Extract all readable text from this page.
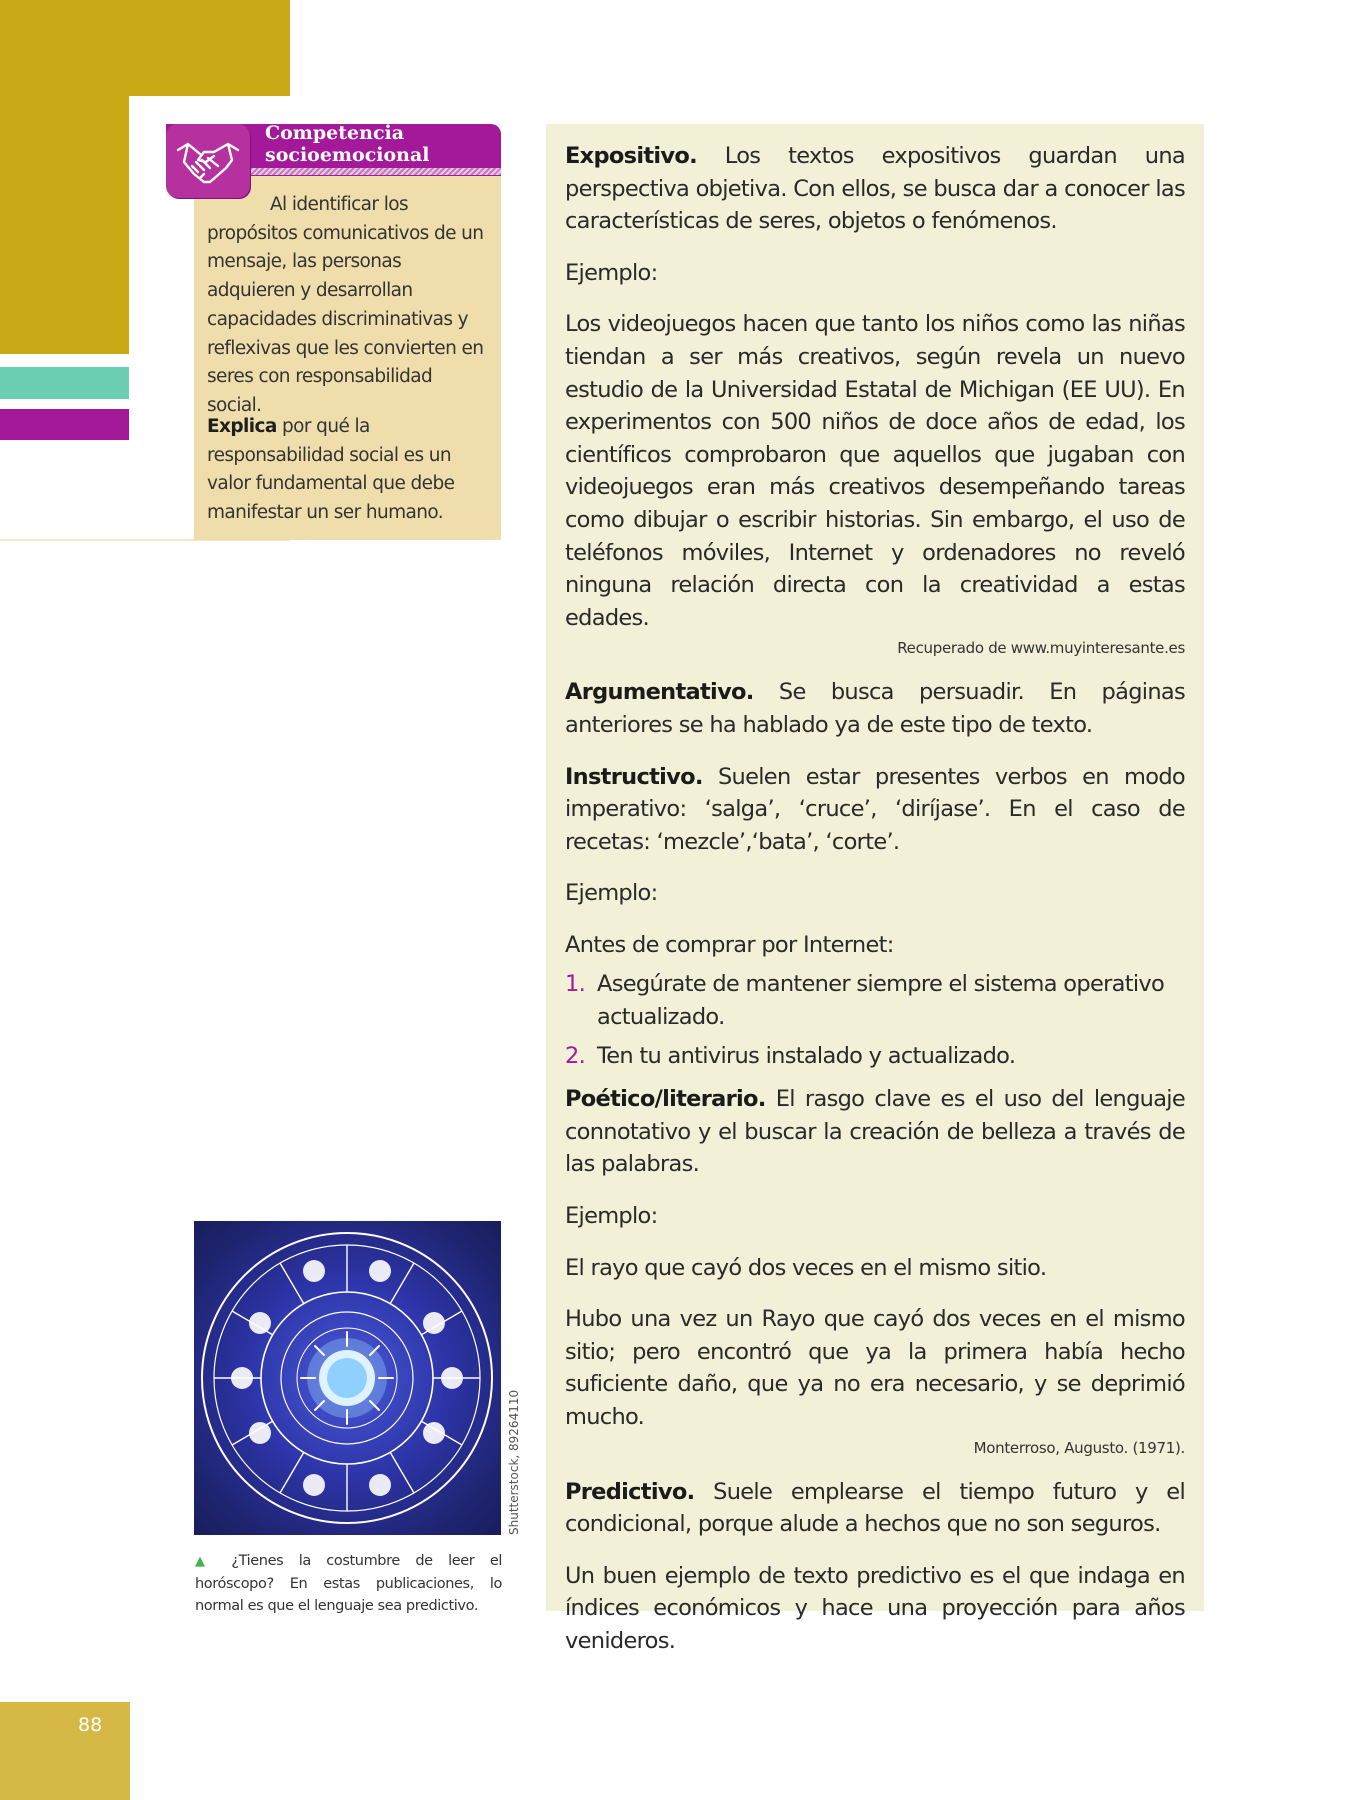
88
Competencia
socioemocional
Al identificar los propósitos comunicativos de un mensaje, las personas adquieren y desarrollan capacidades discriminativas y reflexivas que les convierten en seres con responsabilidad social.
Explica por qué la responsabilidad social es un valor fundamental que debe manifestar un ser humano.
Shutterstock, 89264110
▲ ¿Tienes la costumbre de leer el horóscopo? En estas publicaciones, lo normal es que el lenguaje sea predictivo.

Expositivo. Los textos expositivos guardan una perspectiva objetiva. Con ellos, se busca dar a conocer las características de seres, objetos o fenómenos.

Ejemplo:

Los videojuegos hacen que tanto los niños como las niñas tiendan a ser más creativos, según revela un nuevo estudio de la Universidad Estatal de Michigan (EE UU). En experimentos con 500 niños de doce años de edad, los científicos comprobaron que aquellos que jugaban con videojuegos eran más creativos desempeñando tareas como dibujar o escribir historias. Sin embargo, el uso de teléfonos móviles, Internet y ordenadores no reveló ninguna relación directa con la creatividad a estas edades.

Recuperado de www.muyinteresante.es

Argumentativo. Se busca persuadir. En páginas anteriores se ha hablado ya de este tipo de texto.

Instructivo. Suelen estar presentes verbos en modo imperativo: ‘salga’, ‘cruce’, ‘diríjase’. En el caso de recetas: ‘mezcle’,‘bata’, ‘corte’.

Ejemplo:

Antes de comprar por Internet:

1. Asegúrate de mantener siempre el sistema operativo actualizado.
2. Ten tu antivirus instalado y actualizado.

Poético/literario. El rasgo clave es el uso del lenguaje connotativo y el buscar la creación de belleza a través de las palabras.

Ejemplo:

El rayo que cayó dos veces en el mismo sitio.

Hubo una vez un Rayo que cayó dos veces en el mismo sitio; pero encontró que ya la primera había hecho suficiente daño, que ya no era necesario, y se deprimió mucho.

Monterroso, Augusto. (1971).

Predictivo. Suele emplearse el tiempo futuro y el condicional, porque alude a hechos que no son seguros.

Un buen ejemplo de texto predictivo es el que indaga en índices económicos y hace una proyección para años venideros.
